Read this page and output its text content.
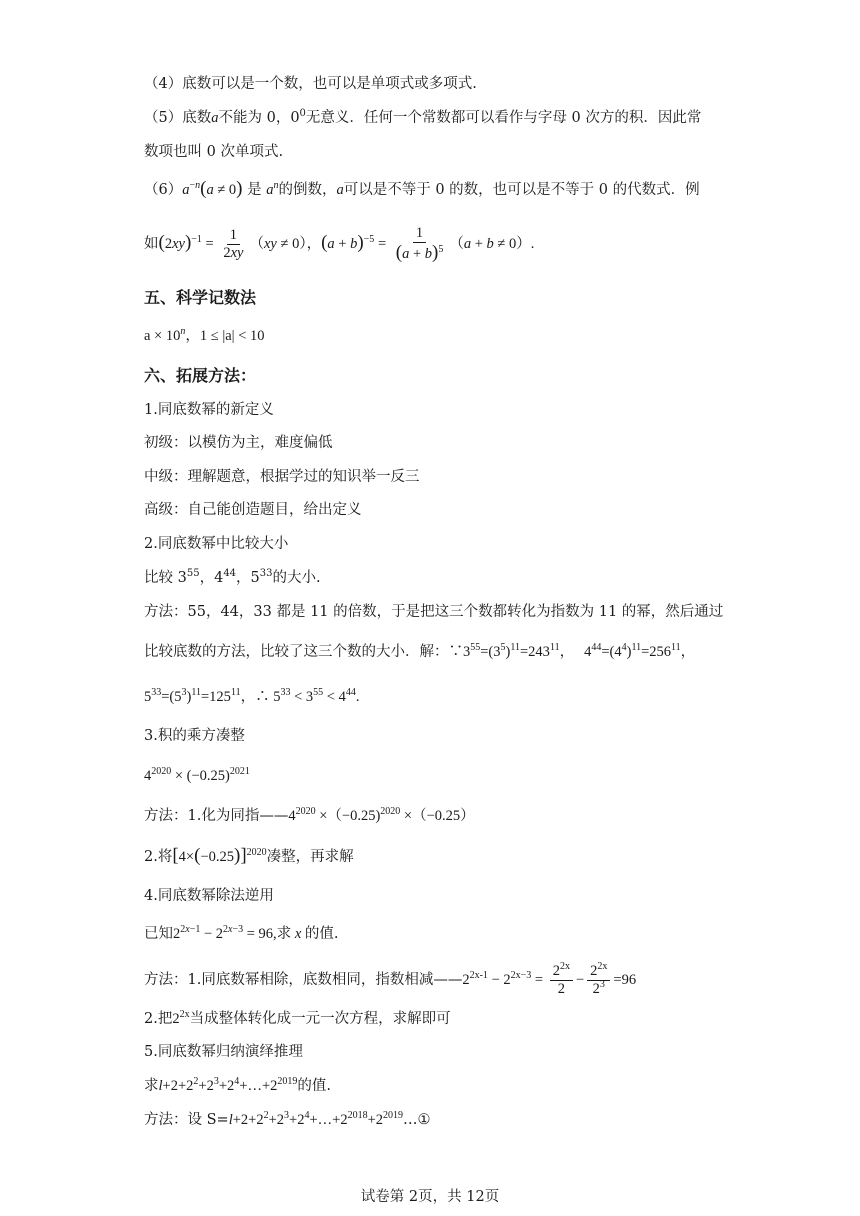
（4）底数可以是一个数，也可以是单项式或多项式.
（5）底数a不能为 0，$0^0$无意义．任何一个常数都可以看作与字母 0 次方的积．因此常
数项也叫 0 次单项式.
$(6)a^{-n}(a \ne 0)$ 是 $a^n$的倒数，a可以是不等于 0 的数，也可以是不等于 0 的代数式．例
如$(2xy)^{-1} = \frac{1}{2xy} (xy \ne 0)$，$(a + b)^{-5} = \frac{1}{(a + b)^5} (a + b \ne 0)$.
五、科学记数法
$a \times 10^n$，1 ≤ |a| < 10
六、拓展方法：
1.同底数幂的新定义
初级：以模仿为主，难度偏低
中级：理解题意，根据学过的知识举一反三
高级：自己能创造题目，给出定义
2.同底数幂中比较大小
比较 $3^{55}$，$4^{44}$，$5^{33}$的大小.
方法：55，44，33 都是 11 的倍数，于是把这三个数都转化为指数为 11 的幂，然后通过
比较底数的方法，比较了这三个数的大小．解：$\because 3^{55}=(3^5)^{11}=243^{11}$， $4^{44}=(4^4)^{11}=256^{11}$，
$5^{33}=(5^3)^{11}=125^{11}$，∴ $5^{33} < 3^{55} < 4^{44}$.
3.积的乘方凑整
$4^{2020} \times (-0.25)^{2021}$
方法：1.化为同指$——4^{2020} \times(-0.25)^{2020} \times(-0.25)$
2.将$[4\times(-0.25)]^{2020}$凑整，再求解
4.同底数幂除法逆用
已知$2^{2x-1} - 2^{2x-3} = 96$,求 x 的值.
方法：1.同底数幂相除，底数相同，指数相减$——2^{2x-1} - 2^{2x-3} = \frac{2^{2x}}{2} - \frac{2^{2x}}{2^3} =96$
2.把$2^{2x}$当成整体转化成一元一次方程，求解即可
5.同底数幂归纳演绎推理
求$l+2+2^2+2^3+2^4+\dots+2^{2019}$的值.
方法：设 $S=l+2+2^2+2^3+2^4+\dots+2^{2018}+2^{2019}\dots ①$
试卷第 2页，共 12页
